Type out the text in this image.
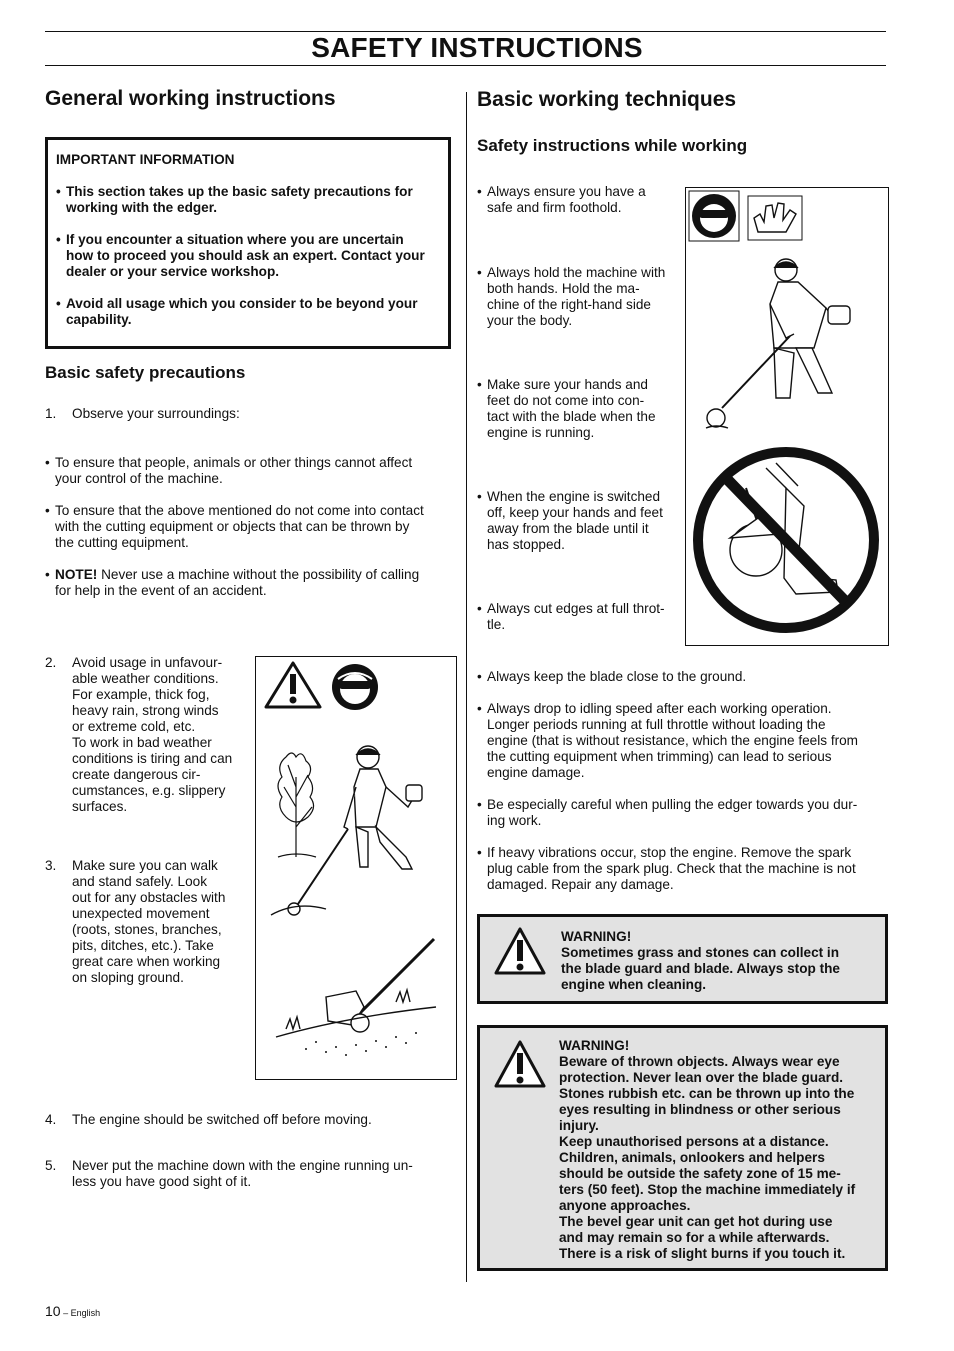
SAFETY INSTRUCTIONS
General working instructions
IMPORTANT INFORMATION
• This section takes up the basic safety precautions for
working with the edger.
• If you encounter a situation where you are uncertain
how to proceed you should ask an expert. Contact your
dealer or your service workshop.
• Avoid all usage which you consider to be beyond your
capability.
Basic safety precautions
1.	Observe your surroundings:
• To ensure that people, animals or other things cannot affect
your control of the machine.
• To ensure that the above mentioned do not come into contact
with the cutting equipment or objects that can be thrown by
the cutting equipment.
• NOTE! Never use a machine without the possibility of calling
for help in the event of an accident.
2. Avoid usage in unfavour-
able weather conditions.
For example, thick fog,
heavy rain, strong winds
or extreme cold, etc.
To work in bad weather
conditions is tiring and can
create dangerous cir-
cumstances, e.g. slippery
surfaces.
3. Make sure you can walk
and stand safely. Look
out for any obstacles with
unexpected movement
(roots, stones, branches,
pits, ditches, etc.). Take
great care when working
on sloping ground.
4.	The engine should be switched off before moving.
5. Never put the machine down with the engine running un-
less you have good sight of it.
Basic working techniques
Safety instructions while working
• Always ensure you have a
safe and firm foothold.
• Always hold the machine with
both hands. Hold the ma-
chine of the right-hand side
your the body.
• Make sure your hands and
feet do not come into con-
tact with the blade when the
engine is running.
• When the engine is switched
off, keep your hands and feet
away from the blade until it
has stopped.
• Always cut edges at full throt-
tle.
• Always keep the blade close to the ground.
• Always drop to idling speed after each working operation.
Longer periods running at full throttle without loading the
engine (that is without resistance, which the engine feels from
the cutting equipment when trimming) can lead to serious
engine damage.
• Be especially careful when pulling the edger towards you dur-
ing work.
• If heavy vibrations occur, stop the engine. Remove the spark
plug cable from the spark plug. Check that the machine is not
damaged. Repair any damage.
WARNING!
Sometimes grass and stones can collect in
the blade guard and blade. Always stop the
engine when cleaning.
WARNING!
Beware of thrown objects. Always wear eye
protection. Never lean over the blade guard.
Stones rubbish etc. can be thrown up into the
eyes resulting in blindness or other serious
injury.
Keep unauthorised persons at a distance.
Children, animals, onlookers and helpers
should be outside the safety zone of 15 me-
ters (50 feet). Stop the machine immediately if
anyone approaches.
The bevel gear unit can get hot during use
and may remain so for a while afterwards.
There is a risk of slight burns if you touch it.
10 – English
